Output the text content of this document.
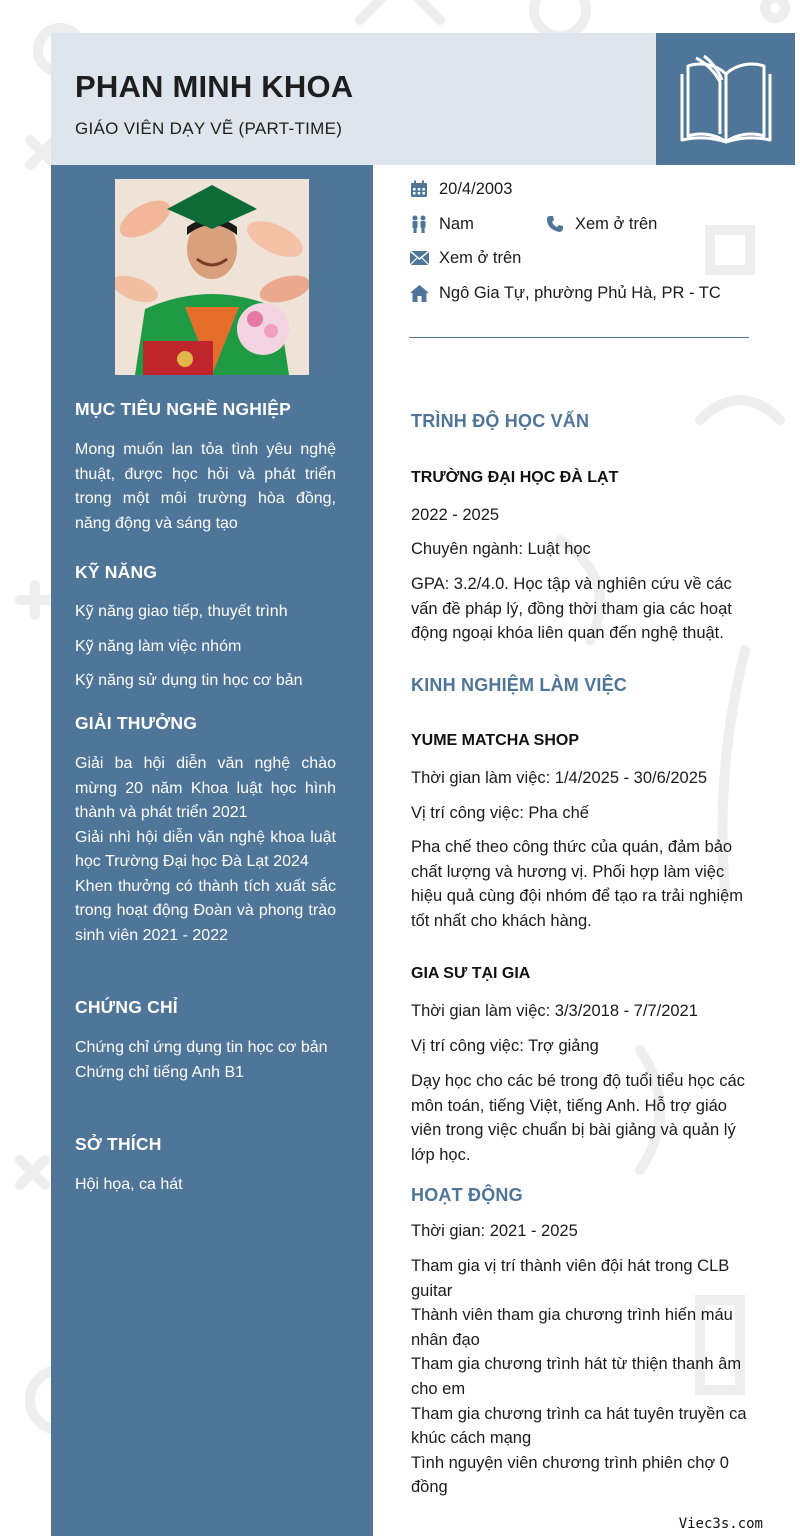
PHAN MINH KHOA
GIÁO VIÊN DẠY VẼ (PART-TIME)
MỤC TIÊU NGHỀ NGHIỆP
Mong muốn lan tỏa tình yêu nghệ thuật, được học hỏi và phát triển trong một môi trường hòa đồng, năng động và sáng tạo
KỸ NĂNG
Kỹ năng giao tiếp, thuyết trình
Kỹ năng làm việc nhóm
Kỹ năng sử dụng tin học cơ bản
GIẢI THƯỞNG
Giải ba hội diễn văn nghệ chào mừng 20 năm Khoa luật học hình thành và phát triển 2021
Giải nhì hội diễn văn nghệ khoa luật học Trường Đại học Đà Lạt 2024
Khen thưởng có thành tích xuất sắc trong hoạt động Đoàn và phong trào sinh viên 2021 - 2022
CHỨNG CHỈ
Chứng chỉ ứng dụng tin học cơ bản
Chứng chỉ tiếng Anh B1
SỞ THÍCH
Hội họa, ca hát
20/4/2003
Nam	Xem ở trên
Xem ở trên
Ngô Gia Tự, phường Phủ Hà, PR - TC
TRÌNH ĐỘ HỌC VẤN
TRƯỜNG ĐẠI HỌC ĐÀ LẠT
2022 - 2025
Chuyên ngành: Luật học
GPA: 3.2/4.0. Học tập và nghiên cứu về các vấn đề pháp lý, đồng thời tham gia các hoạt động ngoại khóa liên quan đến nghệ thuật.
KINH NGHIỆM LÀM VIỆC
YUME MATCHA SHOP
Thời gian làm việc: 1/4/2025 - 30/6/2025
Vị trí công việc: Pha chế
Pha chế theo công thức của quán, đảm bảo chất lượng và hương vị. Phối hợp làm việc hiệu quả cùng đội nhóm để tạo ra trải nghiệm tốt nhất cho khách hàng.
GIA SƯ TẠI GIA
Thời gian làm việc: 3/3/2018 - 7/7/2021
Vị trí công việc: Trợ giảng
Dạy học cho các bé trong độ tuổi tiểu học các môn toán, tiếng Việt, tiếng Anh. Hỗ trợ giáo viên trong việc chuẩn bị bài giảng và quản lý lớp học.
HOẠT ĐỘNG
Thời gian: 2021 - 2025
Tham gia vị trí thành viên đội hát trong CLB guitar
Thành viên tham gia chương trình hiến máu nhân đạo
Tham gia chương trình hát từ thiện thanh âm cho em
Tham gia chương trình ca hát tuyên truyền ca khúc cách mạng
Tình nguyện viên chương trình phiên chợ 0 đồng
Viec3s.com
